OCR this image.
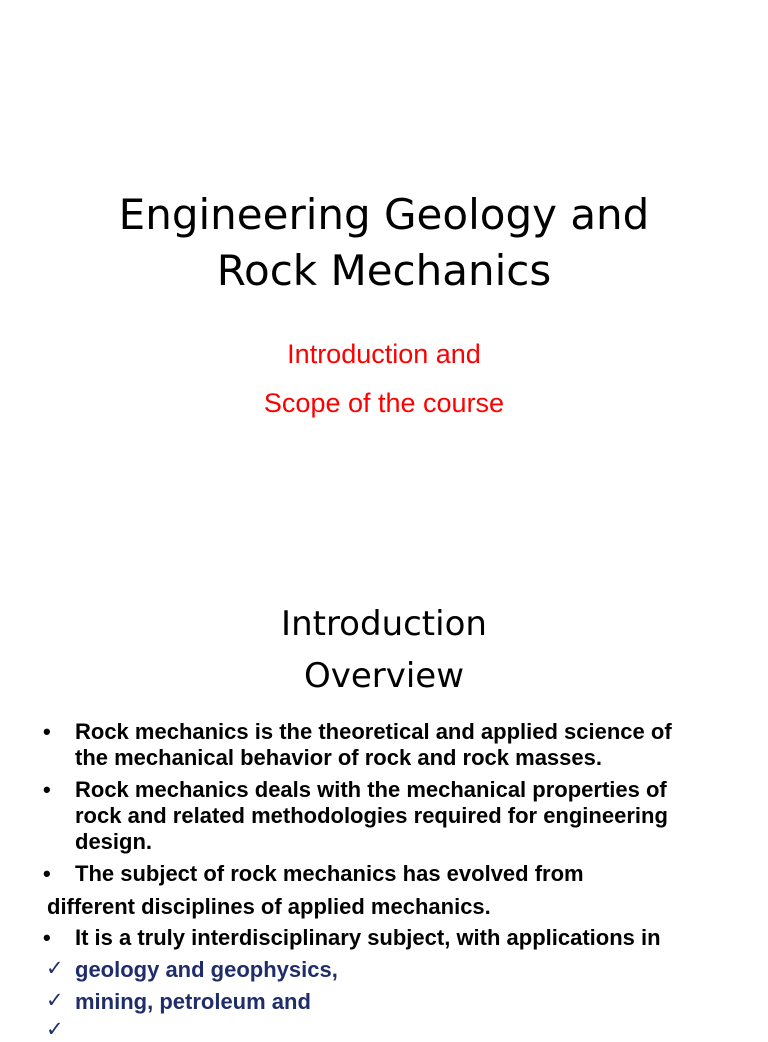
Engineering Geology and
Rock Mechanics
Introduction and
Scope of the course
Introduction
Overview
• Rock mechanics is the theoretical and applied science of
the mechanical behavior of rock and rock masses.
• Rock mechanics deals with the mechanical properties of
rock and related methodologies required for engineering
design.
• The subject of rock mechanics has evolved from
different disciplines of applied mechanics.
• It is a truly interdisciplinary subject, with applications in
✓ geology and geophysics,
✓ mining, petroleum and
✓
